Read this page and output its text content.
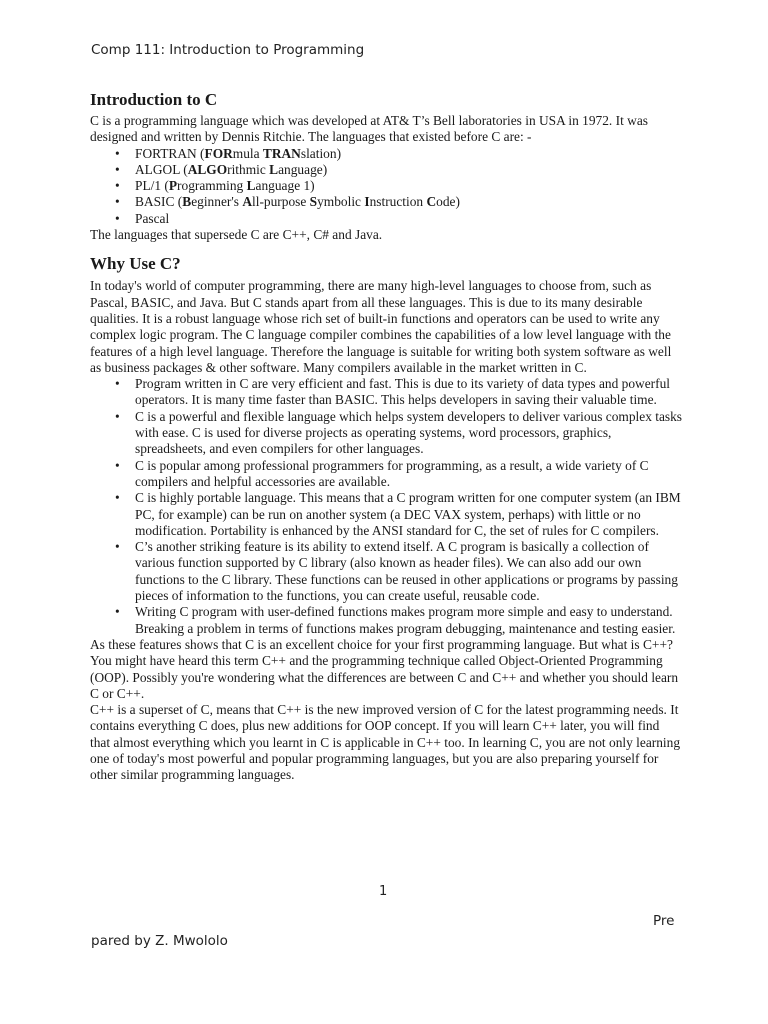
Comp 111: Introduction to Programming
Introduction to C

C is a programming language which was developed at AT& T’s Bell laboratories in USA in 1972. It was designed and written by Dennis Ritchie. The languages that existed before C are: -

• FORTRAN (FORmula TRANslation)
• ALGOL (ALGOrithmic Language)
• PL/1 (Programming Language 1)
• BASIC (Beginner's All-purpose Symbolic Instruction Code)
• Pascal

The languages that supersede C are C++, C# and Java.

Why Use C?

In today's world of computer programming, there are many high-level languages to choose from, such as Pascal, BASIC, and Java. But C stands apart from all these languages. This is due to its many desirable qualities. It is a robust language whose rich set of built-in functions and operators can be used to write any complex logic program. The C language compiler combines the capabilities of a low level language with the features of a high level language. Therefore the language is suitable for writing both system software as well as business packages & other software. Many compilers available in the market written in C.

• Program written in C are very efficient and fast. This is due to its variety of data types and powerful operators. It is many time faster than BASIC. This helps developers in saving their valuable time.
• C is a powerful and flexible language which helps system developers to deliver various complex tasks with ease. C is used for diverse projects as operating systems, word processors, graphics, spreadsheets, and even compilers for other languages.
• C is popular among professional programmers for programming, as a result, a wide variety of C compilers and helpful accessories are available.
• C is highly portable language. This means that a C program written for one computer system (an IBM PC, for example) can be run on another system (a DEC VAX system, perhaps) with little or no modification. Portability is enhanced by the ANSI standard for C, the set of rules for C compilers.
• C’s another striking feature is its ability to extend itself. A C program is basically a collection of various function supported by C library (also known as header files). We can also add our own functions to the C library. These functions can be reused in other applications or programs by passing pieces of information to the functions, you can create useful, reusable code.
• Writing C program with user-defined functions makes program more simple and easy to understand. Breaking a problem in terms of functions makes program debugging, maintenance and testing easier.

As these features shows that C is an excellent choice for your first programming language. But what is C++? You might have heard this term C++ and the programming technique called Object-Oriented Programming (OOP). Possibly you're wondering what the differences are between C and C++ and whether you should learn C or C++.

C++ is a superset of C, means that C++ is the new improved version of C for the latest programming needs. It contains everything C does, plus new additions for OOP concept. If you will learn C++ later, you will find that almost everything which you learnt in C is applicable in C++ too. In learning C, you are not only learning one of today's most powerful and popular programming languages, but you are also preparing yourself for other similar programming languages.

1
Pre
pared by Z. Mwololo
